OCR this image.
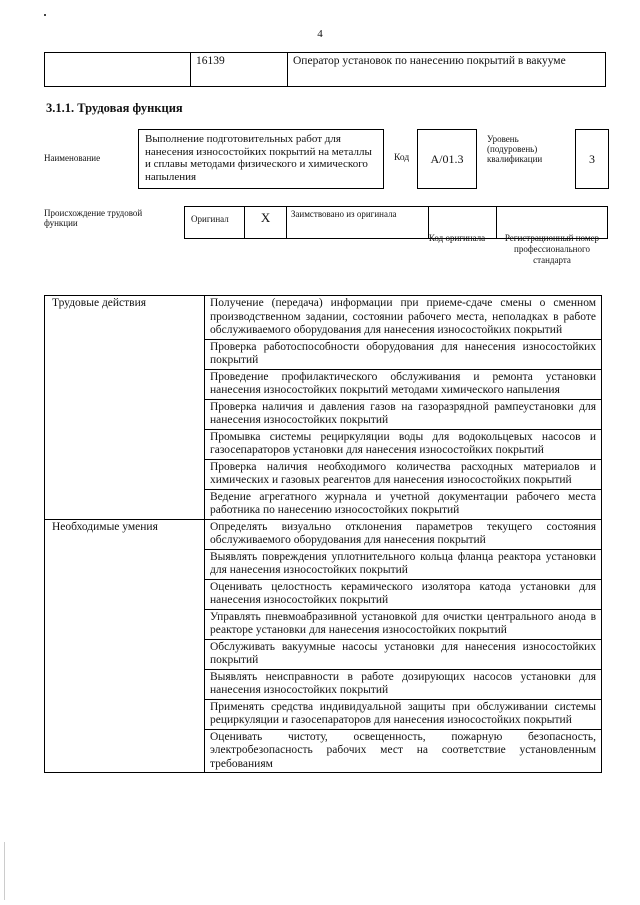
4
	16139	Оператор установок по нанесению покрытий в вакууме
3.1.1. Трудовая функция
Наименование
Выполнение подготовительных работ для нанесения износостойких покрытий на металлы и сплавы методами физического и химического напыления
Код	А/01.3
Уровень (подуровень) квалификации	3
Происхождение трудовой функции	Оригинал	X	Заимствовано из оригинала		
Код оригинала	Регистрационный номер профессионального стандарта
Трудовые действия	Получение (передача) информации при приеме-сдаче смены о сменном производственном задании, состоянии рабочего места, неполадках в работе обслуживаемого оборудования для нанесения износостойких покрытий
	Проверка работоспособности оборудования для нанесения износостойких покрытий
	Проведение профилактического обслуживания и ремонта установки нанесения износостойких покрытий методами химического напыления
	Проверка наличия и давления газов на газоразрядной рампеустановки для нанесения износостойких покрытий
	Промывка системы рециркуляции воды для водокольцевых насосов и газосепараторов установки для нанесения износостойких покрытий
	Проверка наличия необходимого количества расходных материалов и химических и газовых реагентов для нанесения износостойких покрытий
	Ведение агрегатного журнала и учетной документации рабочего места работника по нанесению износостойких покрытий
Необходимые умения	Определять визуально отклонения параметров текущего состояния обслуживаемого оборудования для нанесения покрытий
	Выявлять повреждения уплотнительного кольца фланца реактора установки для нанесения износостойких покрытий
	Оценивать целостность керамического изолятора катода установки для нанесения износостойких покрытий
	Управлять пневмоабразивной установкой для очистки центрального анода в реакторе установки для нанесения износостойких покрытий
	Обслуживать вакуумные насосы установки для нанесения износостойких покрытий
	Выявлять неисправности в работе дозирующих насосов установки для нанесения износостойких покрытий
	Применять средства индивидуальной защиты при обслуживании системы рециркуляции и газосепараторов для нанесения износостойких покрытий
	Оценивать чистоту, освещенность, пожарную безопасность, электробезопасность рабочих мест на соответствие установленным требованиям
